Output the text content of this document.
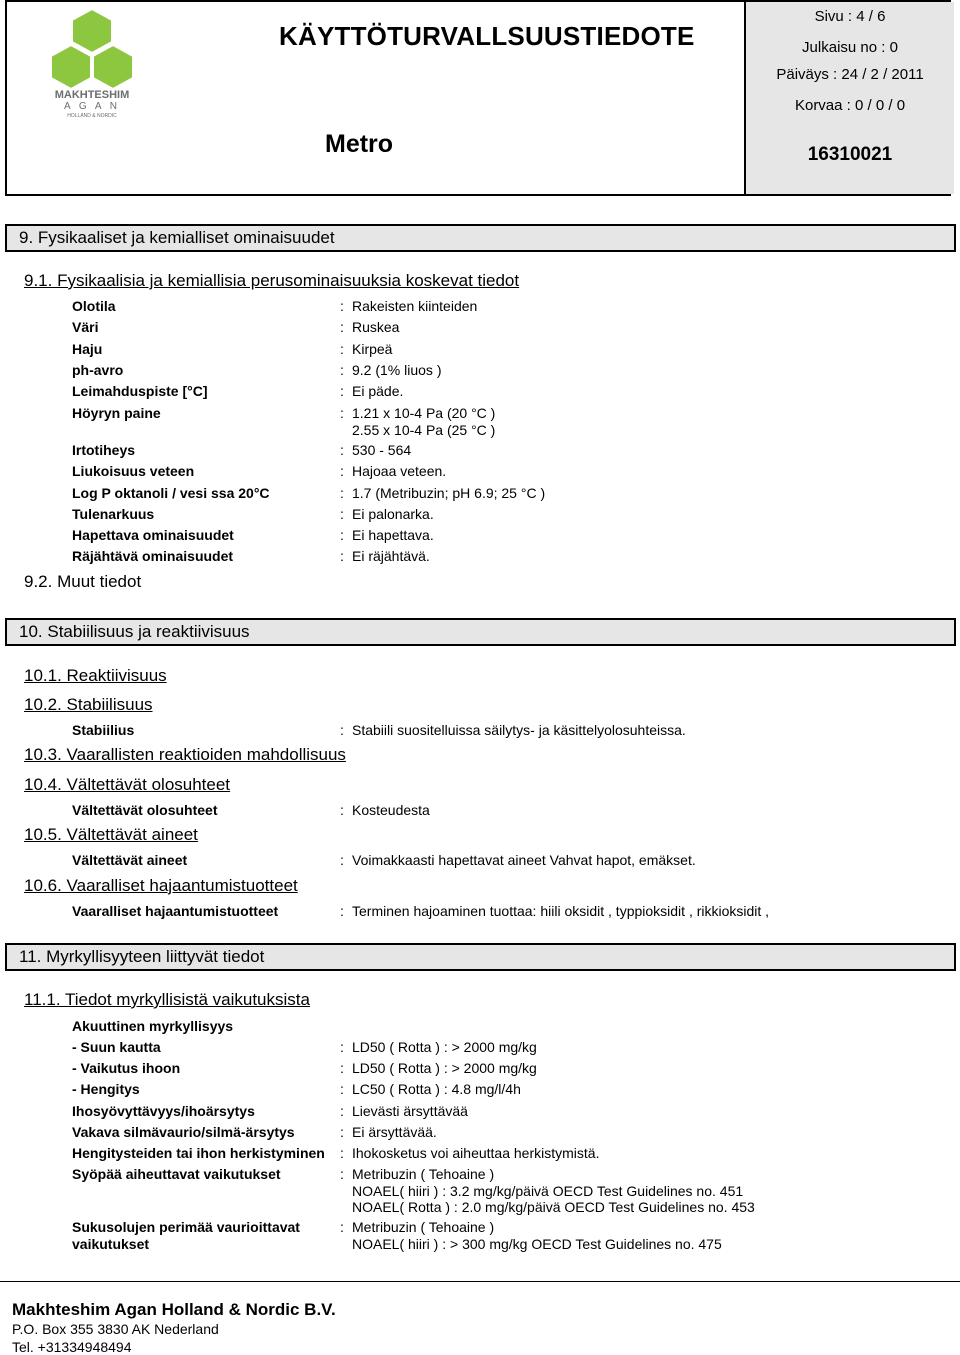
MAKHTESHIM
A G A N
HOLLAND & NORDIC
KÄYTTÖTURVALLSUUSTIEDOTE
Metro
Sivu : 4 / 6
Julkaisu no : 0
Päiväys : 24 / 2 / 2011
Korvaa : 0 / 0 / 0
16310021
9. Fysikaaliset ja kemialliset ominaisuudet
9.1. Fysikaalisia ja kemiallisia perusominaisuuksia koskevat tiedot
Olotila	: Rakeisten kiinteiden
Väri	: Ruskea
Haju	: Kirpeä
ph-avro	: 9.2 (1% liuos )
Leimahduspiste [°C]	: Ei päde.
Höyryn paine	: 1.21 x 10-4 Pa (20 °C )
2.55 x 10-4 Pa (25 °C )
Irtotiheys	: 530 - 564
Liukoisuus veteen	: Hajoaa veteen.
Log P oktanoli / vesi ssa 20°C	: 1.7 (Metribuzin; pH 6.9; 25 °C )
Tulenarkuus	: Ei palonarka.
Hapettava ominaisuudet	: Ei hapettava.
Räjähtävä ominaisuudet	: Ei räjähtävä.
9.2. Muut tiedot
10. Stabiilisuus ja reaktiivisuus
10.1. Reaktiivisuus
10.2. Stabiilisuus
Stabiilius	: Stabiili suositelluissa säilytys- ja käsittelyolosuhteissa.
10.3. Vaarallisten reaktioiden mahdollisuus
10.4. Vältettävät olosuhteet
Vältettävät olosuhteet	: Kosteudesta
10.5. Vältettävät aineet
Vältettävät aineet	: Voimakkaasti hapettavat aineet Vahvat hapot, emäkset.
10.6. Vaaralliset hajaantumistuotteet
Vaaralliset hajaantumistuotteet	: Terminen hajoaminen tuottaa: hiili oksidit , typpioksidit , rikkioksidit ,
11. Myrkyllisyyteen liittyvät tiedot
11.1. Tiedot myrkyllisistä vaikutuksista
Akuuttinen myrkyllisyys
- Suun kautta	: LD50 ( Rotta ) : > 2000 mg/kg
- Vaikutus ihoon	: LD50 ( Rotta ) : > 2000 mg/kg
- Hengitys	: LC50 ( Rotta ) : 4.8 mg/l/4h
Ihosyövyttävyys/ihoärsytys	: Lievästi ärsyttävää
Vakava silmävaurio/silmä-ärsytys	: Ei ärsyttävää.
Hengitysteiden tai ihon herkistyminen : Ihokosketus voi aiheuttaa herkistymistä.
Syöpää aiheuttavat vaikutukset	: Metribuzin ( Tehoaine )
NOAEL( hiiri ) : 3.2 mg/kg/päivä OECD Test Guidelines no. 451
NOAEL( Rotta ) : 2.0 mg/kg/päivä OECD Test Guidelines no. 453
Sukusolujen perimää vaurioittavat
vaikutukset
: Metribuzin ( Tehoaine )
NOAEL( hiiri ) : > 300 mg/kg OECD Test Guidelines no. 475
Makhteshim Agan Holland & Nordic B.V.
P.O. Box 355 3830 AK Nederland
Tel. +31334948494
